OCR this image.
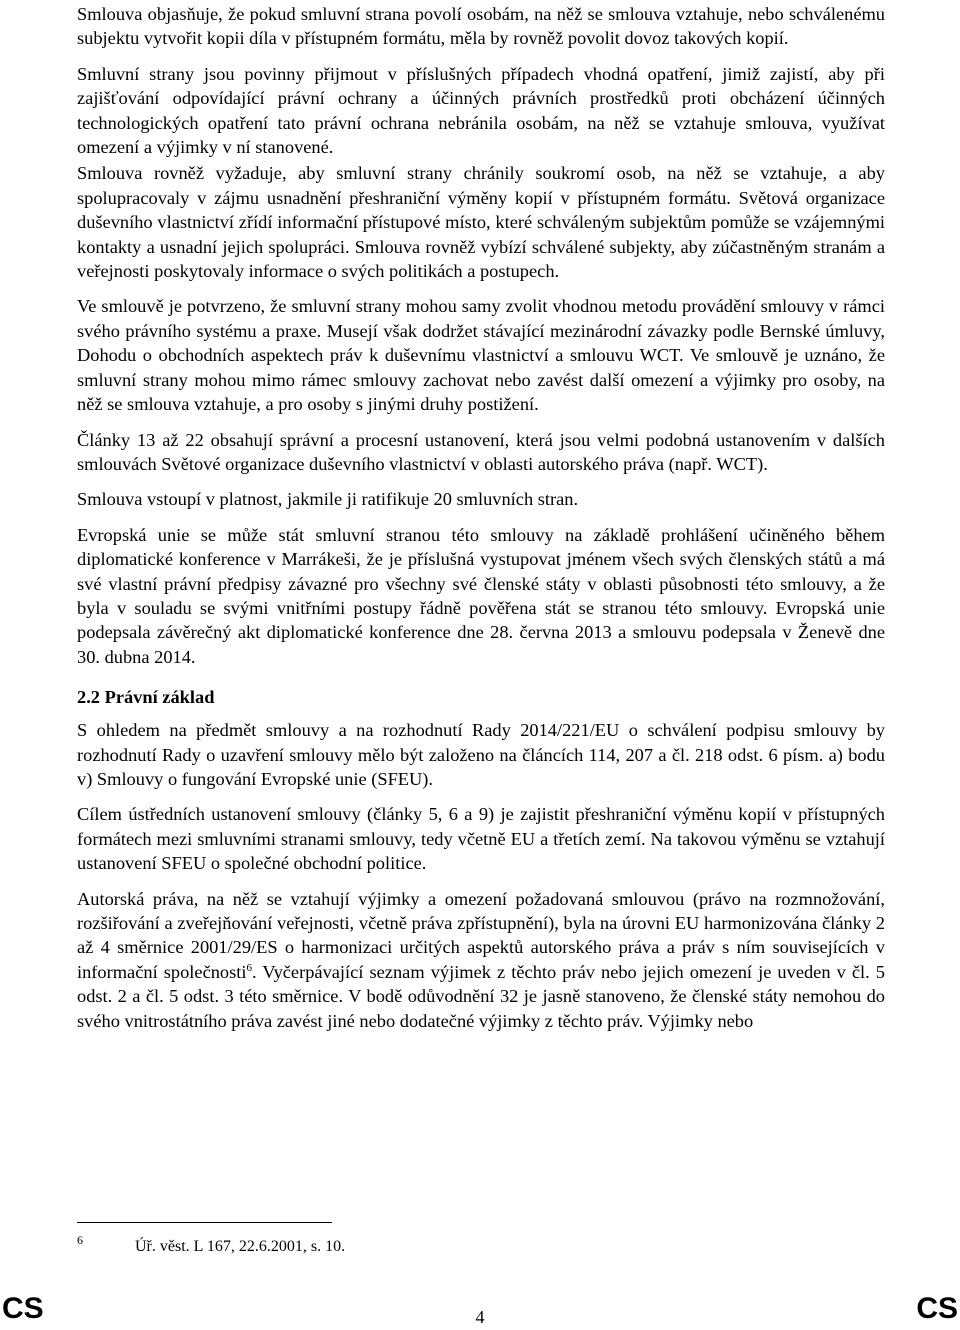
Smlouva objasňuje, že pokud smluvní strana povolí osobám, na něž se smlouva vztahuje, nebo schválenému subjektu vytvořit kopii díla v přístupném formátu, měla by rovněž povolit dovoz takových kopií.

Smluvní strany jsou povinny přijmout v příslušných případech vhodná opatření, jimiž zajistí, aby při zajišťování odpovídající právní ochrany a účinných právních prostředků proti obcházení účinných technologických opatření tato právní ochrana nebránila osobám, na něž se vztahuje smlouva, využívat omezení a výjimky v ní stanovené.

Smlouva rovněž vyžaduje, aby smluvní strany chránily soukromí osob, na něž se vztahuje, a aby spolupracovaly v zájmu usnadnění přeshraniční výměny kopií v přístupném formátu. Světová organizace duševního vlastnictví zřídí informační přístupové místo, které schváleným subjektům pomůže se vzájemnými kontakty a usnadní jejich spolupráci. Smlouva rovněž vybízí schválené subjekty, aby zúčastněným stranám a veřejnosti poskytovaly informace o svých politikách a postupech.

Ve smlouvě je potvrzeno, že smluvní strany mohou samy zvolit vhodnou metodu provádění smlouvy v rámci svého právního systému a praxe. Musejí však dodržet stávající mezinárodní závazky podle Bernské úmluvy, Dohodu o obchodních aspektech práv k duševnímu vlastnictví a smlouvu WCT. Ve smlouvě je uznáno, že smluvní strany mohou mimo rámec smlouvy zachovat nebo zavést další omezení a výjimky pro osoby, na něž se smlouva vztahuje, a pro osoby s jinými druhy postižení.

Články 13 až 22 obsahují správní a procesní ustanovení, která jsou velmi podobná ustanovením v dalších smlouvách Světové organizace duševního vlastnictví v oblasti autorského práva (např. WCT).

Smlouva vstoupí v platnost, jakmile ji ratifikuje 20 smluvních stran.

Evropská unie se může stát smluvní stranou této smlouvy na základě prohlášení učiněného během diplomatické konference v Marrákeši, že je příslušná vystupovat jménem všech svých členských států a má své vlastní právní předpisy závazné pro všechny své členské státy v oblasti působnosti této smlouvy, a že byla v souladu se svými vnitřními postupy řádně pověřena stát se stranou této smlouvy. Evropská unie podepsala závěrečný akt diplomatické konference dne 28. června 2013 a smlouvu podepsala v Ženevě dne 30. dubna 2014.

2.2 Právní základ

S ohledem na předmět smlouvy a na rozhodnutí Rady 2014/221/EU o schválení podpisu smlouvy by rozhodnutí Rady o uzavření smlouvy mělo být založeno na článcích 114, 207 a čl. 218 odst. 6 písm. a) bodu v) Smlouvy o fungování Evropské unie (SFEU).

Cílem ústředních ustanovení smlouvy (články 5, 6 a 9) je zajistit přeshraniční výměnu kopií v přístupných formátech mezi smluvními stranami smlouvy, tedy včetně EU a třetích zemí. Na takovou výměnu se vztahují ustanovení SFEU o společné obchodní politice.

Autorská práva, na něž se vztahují výjimky a omezení požadovaná smlouvou (právo na rozmnožování, rozšiřování a zveřejňování veřejnosti, včetně práva zpřístupnění), byla na úrovni EU harmonizována články 2 až 4 směrnice 2001/29/ES o harmonizaci určitých aspektů autorského práva a práv s ním souvisejících v informační společnosti$^6$. Vyčerpávající seznam výjimek z těchto práv nebo jejich omezení je uveden v čl. 5 odst. 2 a čl. 5 odst. 3 této směrnice. V bodě odůvodnění 32 je jasně stanoveno, že členské státy nemohou do svého vnitrostátního práva zavést jiné nebo dodatečné výjimky z těchto práv. Výjimky nebo

6	Úř. věst. L 167, 22.6.2001, s. 10.
CS	4	CS
